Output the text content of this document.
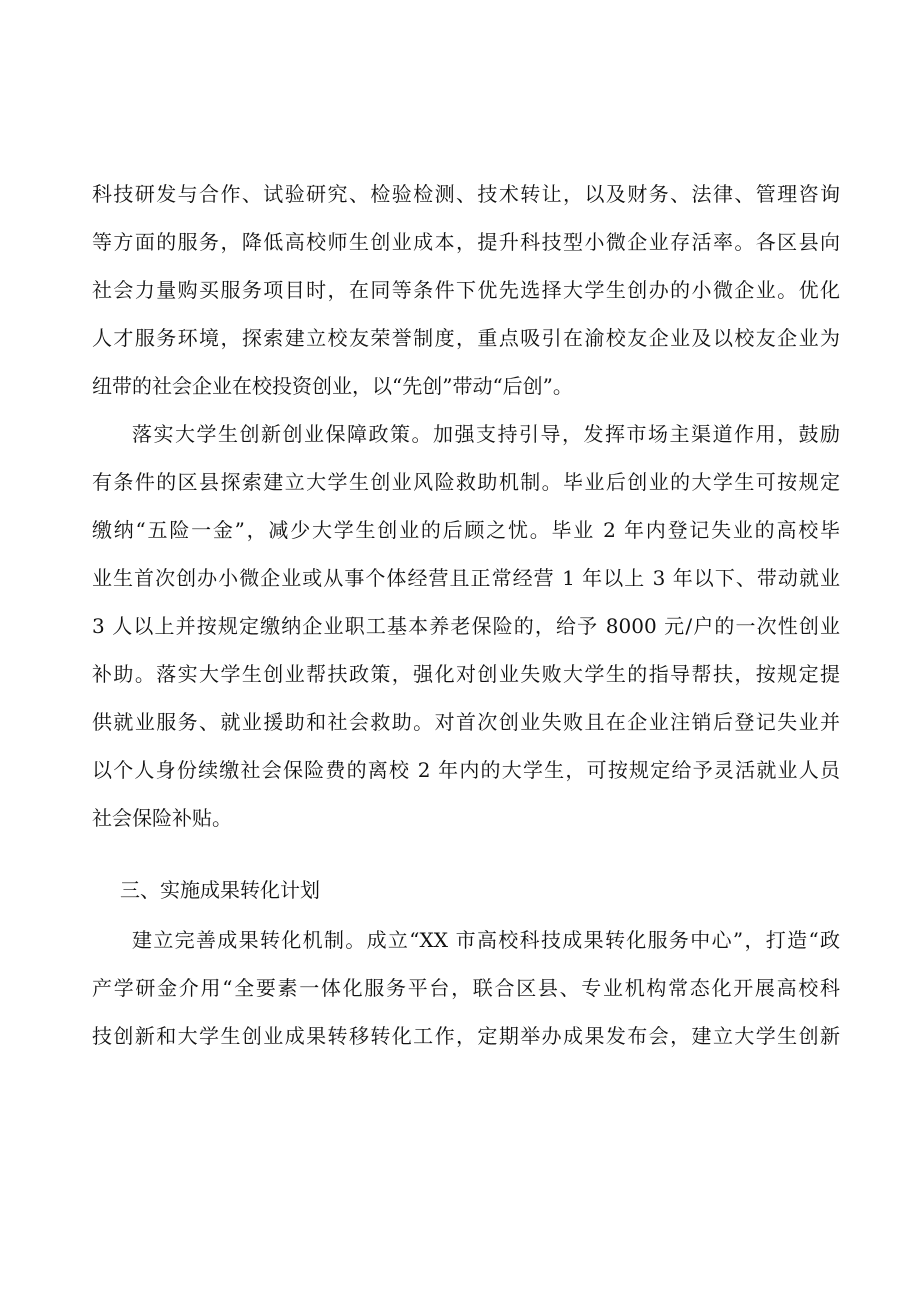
科技研发与合作、试验研究、检验检测、技术转让，以及财务、法律、管理咨询
等方面的服务，降低高校师生创业成本，提升科技型小微企业存活率。各区县向
社会力量购买服务项目时，在同等条件下优先选择大学生创办的小微企业。优化
人才服务环境，探索建立校友荣誉制度，重点吸引在渝校友企业及以校友企业为
纽带的社会企业在校投资创业，以“先创”带动“后创”。
落实大学生创新创业保障政策。加强支持引导，发挥市场主渠道作用，鼓励
有条件的区县探索建立大学生创业风险救助机制。毕业后创业的大学生可按规定
缴纳“五险一金”，减少大学生创业的后顾之忧。毕业 2 年内登记失业的高校毕
业生首次创办小微企业或从事个体经营且正常经营 1 年以上 3 年以下、带动就业
3 人以上并按规定缴纳企业职工基本养老保险的，给予 8000 元/户的一次性创业
补助。落实大学生创业帮扶政策，强化对创业失败大学生的指导帮扶，按规定提
供就业服务、就业援助和社会救助。对首次创业失败且在企业注销后登记失业并
以个人身份续缴社会保险费的离校 2 年内的大学生，可按规定给予灵活就业人员
社会保险补贴。
三、实施成果转化计划
建立完善成果转化机制。成立“XX 市高校科技成果转化服务中心”，打造“政
产学研金介用“全要素一体化服务平台，联合区县、专业机构常态化开展高校科
技创新和大学生创业成果转移转化工作，定期举办成果发布会，建立大学生创新
